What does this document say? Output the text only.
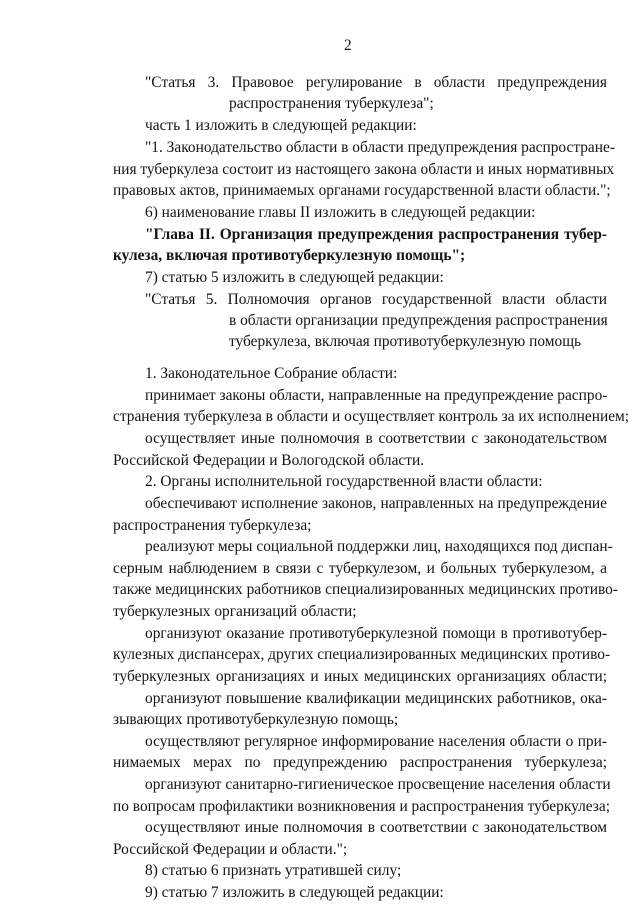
2
"Статья 3. Правовое регулирование в области предупреждения
распространения туберкулеза";
часть 1 изложить в следующей редакции:
"1. Законодательство области в области предупреждения распростране-
ния туберкулеза состоит из настоящего закона области и иных нормативных
правовых актов, принимаемых органами государственной власти области.";
6) наименование главы II изложить в следующей редакции:
"Глава II. Организация предупреждения распространения тубер-
кулеза, включая противотуберкулезную помощь";
7) статью 5 изложить в следующей редакции:
"Статья 5. Полномочия органов государственной власти области
в области организации предупреждения распространения
туберкулеза, включая противотуберкулезную помощь
1. Законодательное Собрание области:
принимает законы области, направленные на предупреждение распро-
странения туберкулеза в области и осуществляет контроль за их исполнением;
осуществляет иные полномочия в соответствии с законодательством
Российской Федерации и Вологодской области.
2. Органы исполнительной государственной власти области:
обеспечивают исполнение законов, направленных на предупреждение
распространения туберкулеза;
реализуют меры социальной поддержки лиц, находящихся под диспан-
серным наблюдением в связи с туберкулезом, и больных туберкулезом, а
также медицинских работников специализированных медицинских противо-
туберкулезных организаций области;
организуют оказание противотуберкулезной помощи в противотубер-
кулезных диспансерах, других специализированных медицинских противо-
туберкулезных организациях и иных медицинских организациях области;
организуют повышение квалификации медицинских работников, ока-
зывающих противотуберкулезную помощь;
осуществляют регулярное информирование населения области о при-
нимаемых мерах по предупреждению распространения туберкулеза;
организуют санитарно-гигиеническое просвещение населения области
по вопросам профилактики возникновения и распространения туберкулеза;
осуществляют иные полномочия в соответствии с законодательством
Российской Федерации и области.";
8) статью 6 признать утратившей силу;
9) статью 7 изложить в следующей редакции:
